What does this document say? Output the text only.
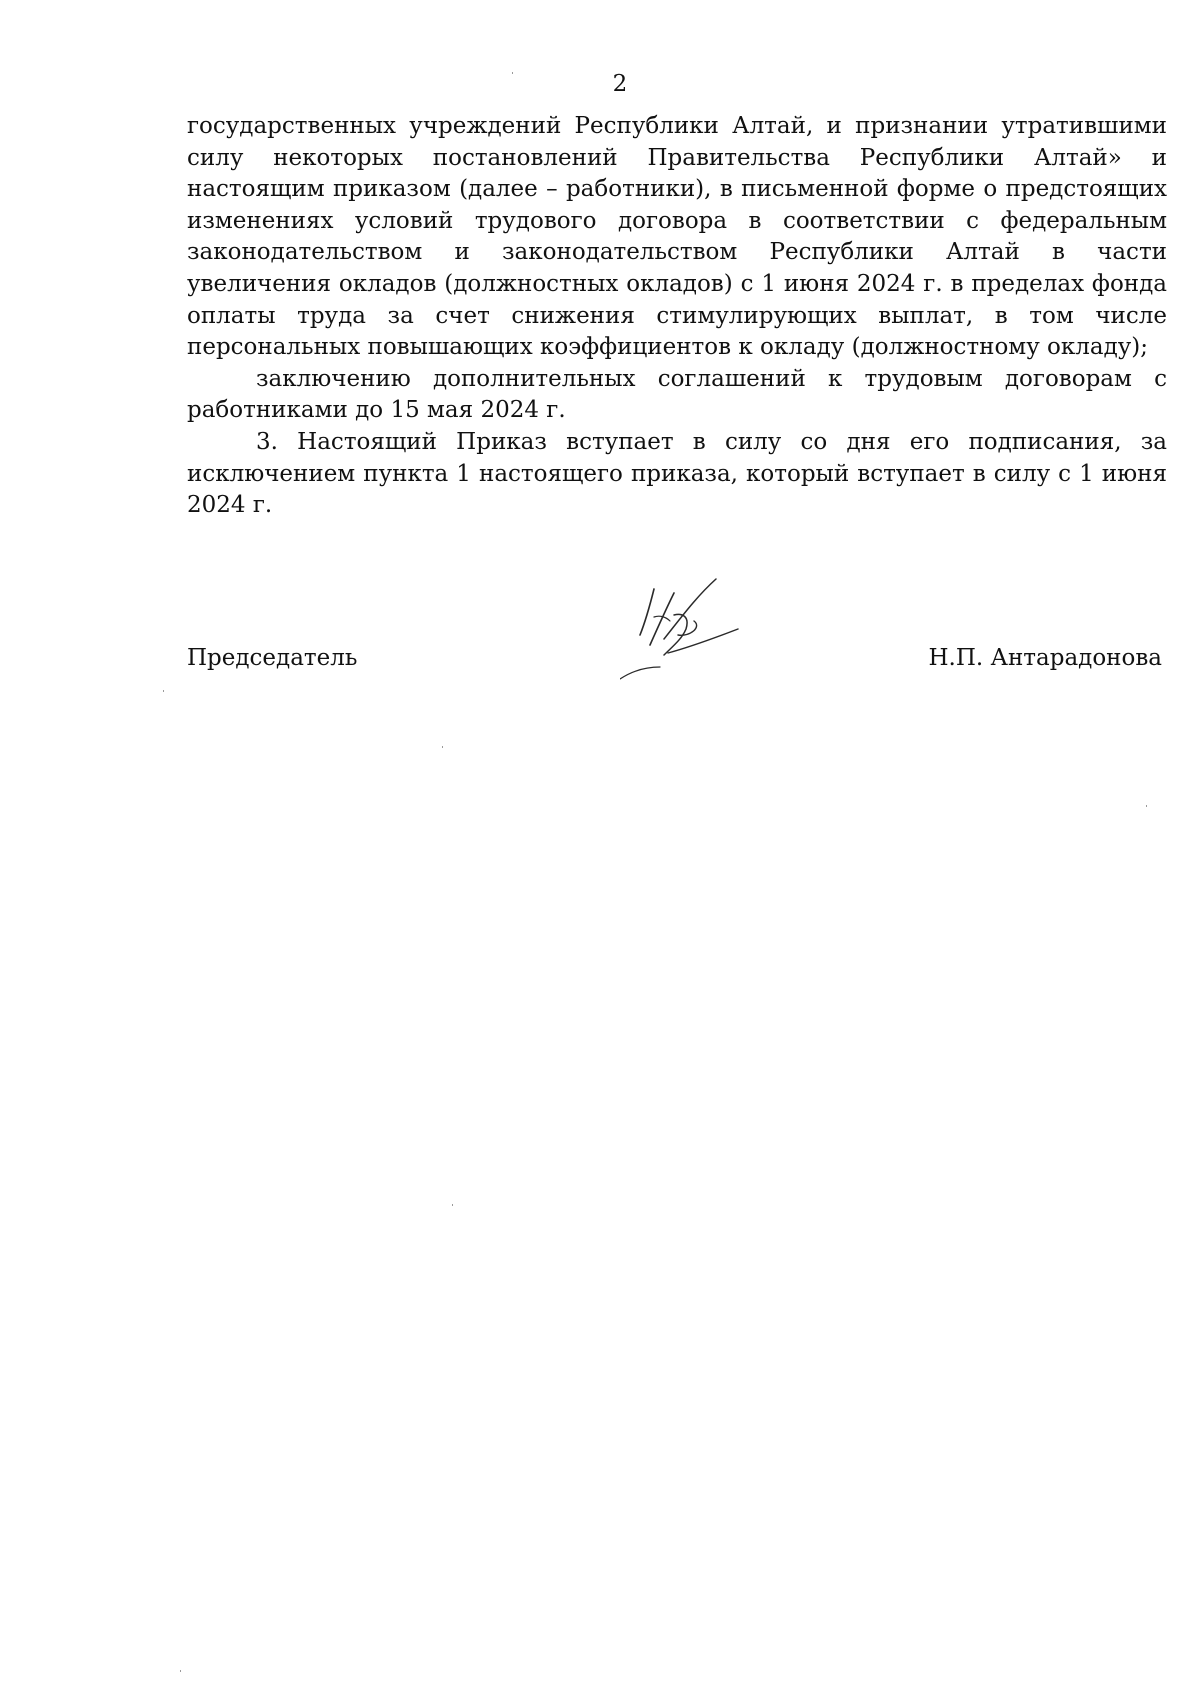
2

государственных учреждений Республики Алтай, и признании утратившими силу некоторых постановлений Правительства Республики Алтай» и настоящим приказом (далее – работники), в письменной форме о предстоящих изменениях условий трудового договора в соответствии с федеральным законодательством и законодательством Республики Алтай в части увеличения окладов (должностных окладов) с 1 июня 2024 г. в пределах фонда оплаты труда за счет снижения стимулирующих выплат, в том числе персональных повышающих коэффициентов к окладу (должностному окладу);

заключению дополнительных соглашений к трудовым договорам с работниками до 15 мая 2024 г.

3. Настоящий Приказ вступает в силу со дня его подписания, за исключением пункта 1 настоящего приказа, который вступает в силу с 1 июня 2024 г.

Председатель	Н.П. Антарадонова
